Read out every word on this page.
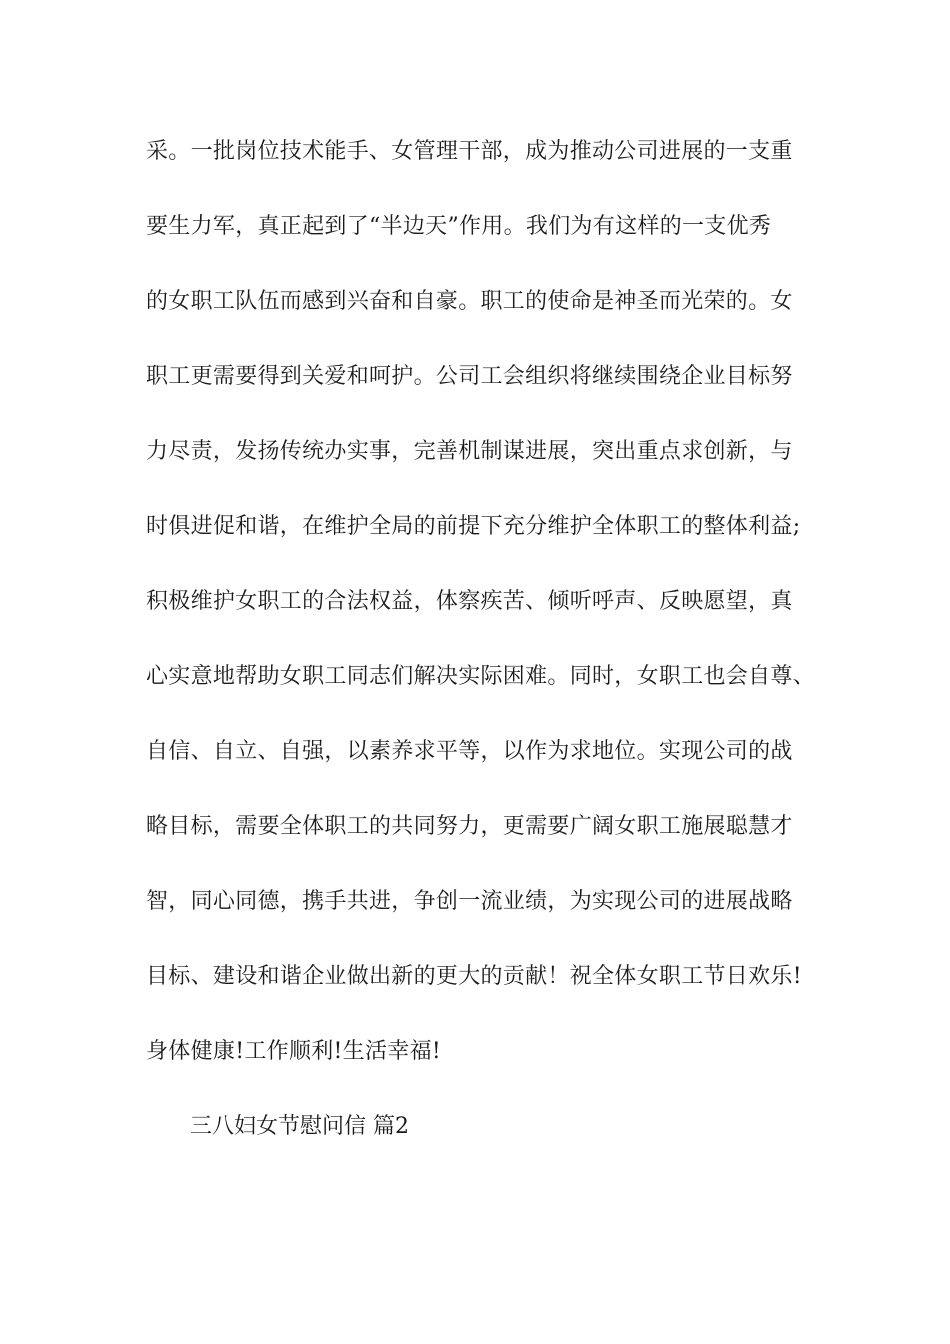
采。一批岗位技术能手、女管理干部，成为推动公司进展的一支重
要生力军，真正起到了“半边天”作用。我们为有这样的一支优秀
的女职工队伍而感到兴奋和自豪。职工的使命是神圣而光荣的。女
职工更需要得到关爱和呵护。公司工会组织将继续围绕企业目标努
力尽责，发扬传统办实事，完善机制谋进展，突出重点求创新，与
时俱进促和谐，在维护全局的前提下充分维护全体职工的整体利益;
积极维护女职工的合法权益，体察疾苦、倾听呼声、反映愿望，真
心实意地帮助女职工同志们解决实际困难。同时，女职工也会自尊、
自信、自立、自强，以素养求平等，以作为求地位。实现公司的战
略目标，需要全体职工的共同努力，更需要广阔女职工施展聪慧才
智，同心同德，携手共进，争创一流业绩，为实现公司的进展战略
目标、建设和谐企业做出新的更大的贡献！祝全体女职工节日欢乐!
身体健康!工作顺利!生活幸福!
三八妇女节慰问信 篇2
